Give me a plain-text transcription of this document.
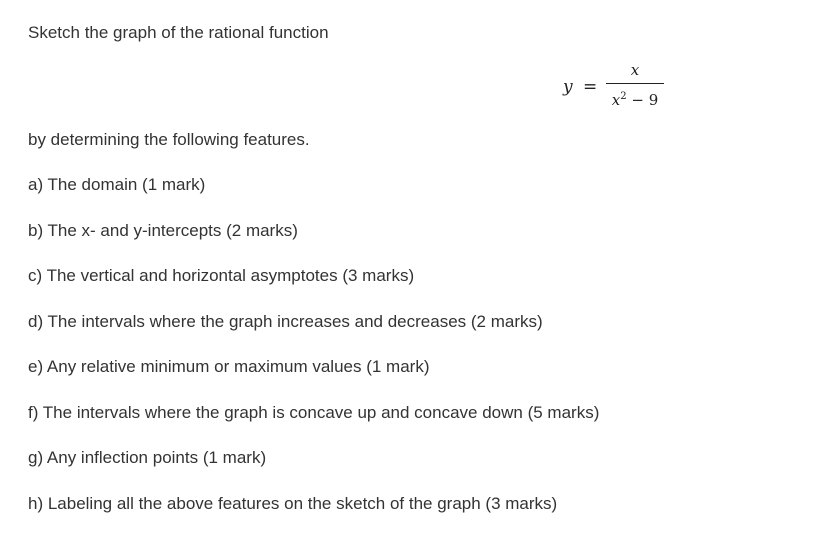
Sketch the graph of the rational function
y =
x
$x^2 - 9$
by determining the following features.
a) The domain (1 mark)
b) The x- and y-intercepts (2 marks)
c) The vertical and horizontal asymptotes (3 marks)
d) The intervals where the graph increases and decreases (2 marks)
e) Any relative minimum or maximum values (1 mark)
f) The intervals where the graph is concave up and concave down (5 marks)
g) Any inflection points (1 mark)
h) Labeling all the above features on the sketch of the graph (3 marks)
